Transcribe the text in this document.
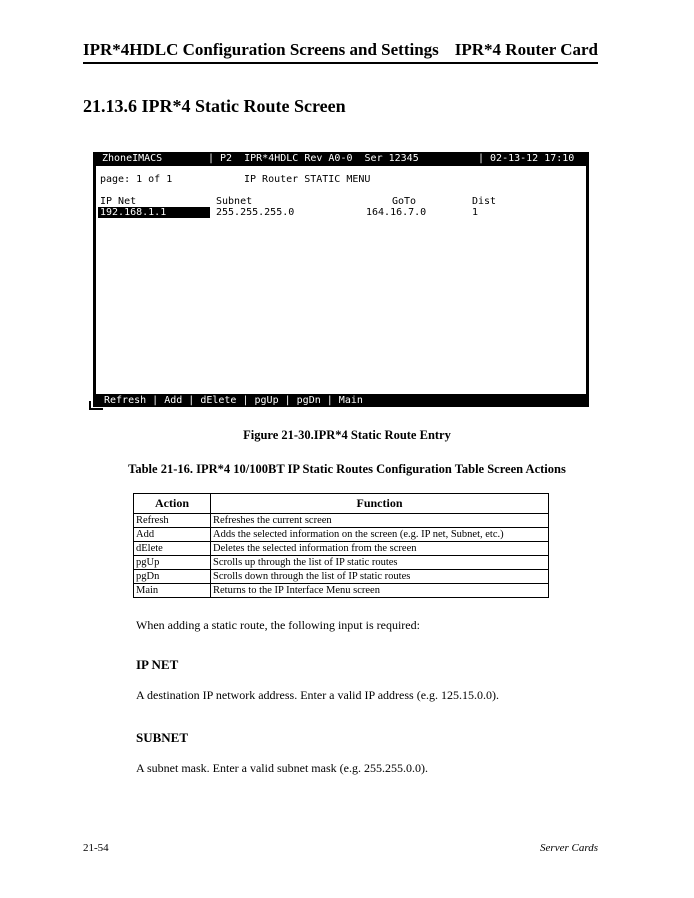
IPR*4HDLC Configuration Screens and Settings IPR*4 Router Card
21.13.6 IPR*4 Static Route Screen

ZhoneIMACS

	| P2  IPR*4HDLC Rev A0-0  Ser 12345

	| 02-13-12 17:10

page: 1 of 1	IP Router STATIC MENU
IP Net	Subnet	GoTo	Dist
192.168.1.1	255.255.255.0	164.16.7.0	1
Refresh | Add | dElete | pgUp | pgDn | Main
Figure 21-30.IPR*4 Static Route Entry
Table 21-16. IPR*4 10/100BT IP Static Routes Configuration Table Screen Actions
Action	Function
Refresh	Refreshes the current screen
Add	Adds the selected information on the screen (e.g. IP net, Subnet, etc.)
dElete	Deletes the selected information from the screen
pgUp	Scrolls up through the list of IP static routes
pgDn	Scrolls down through the list of IP static routes
Main	Returns to the IP Interface Menu screen
When adding a static route, the following input is required:
IP NET
A destination IP network address. Enter a valid IP address (e.g. 125.15.0.0).
SUBNET
A subnet mask. Enter a valid subnet mask (e.g. 255.255.0.0).
21-54	Server Cards
